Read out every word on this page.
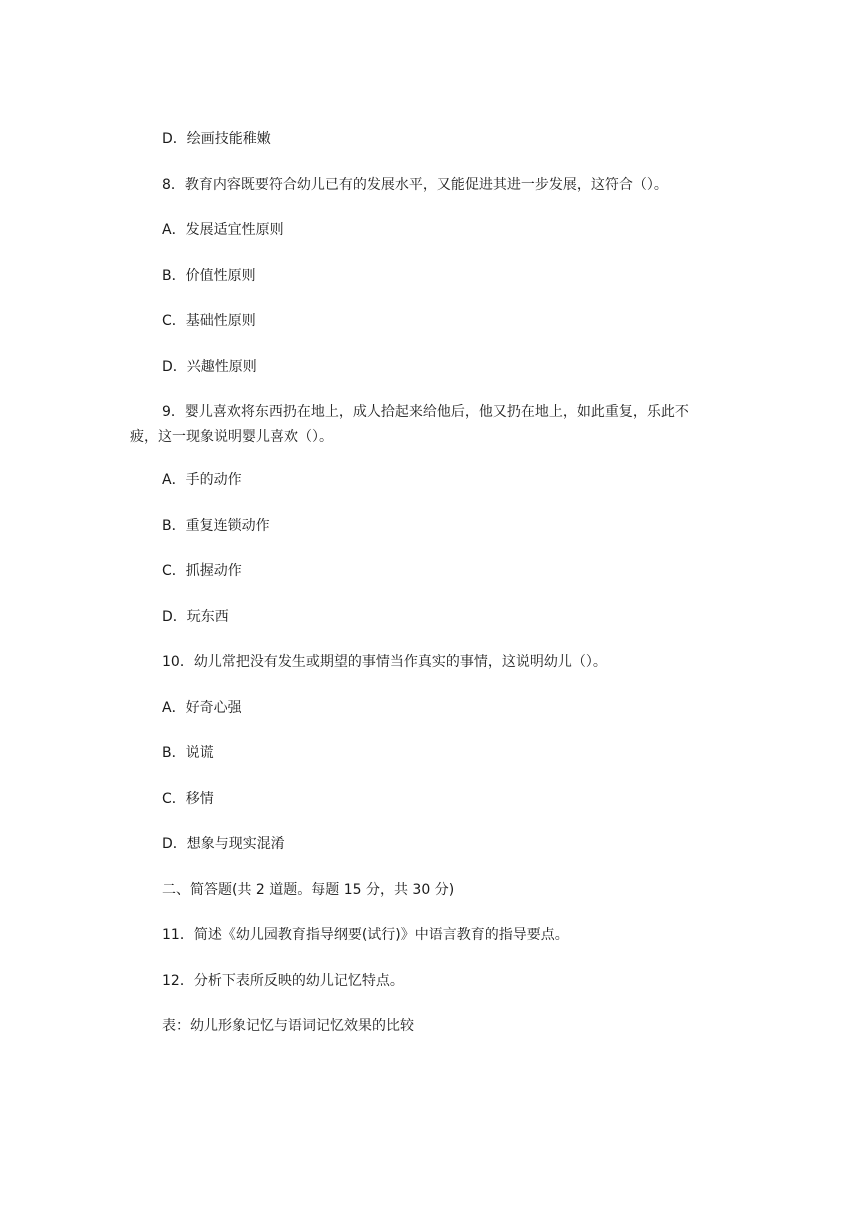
D．绘画技能稚嫩

8．教育内容既要符合幼儿已有的发展水平，又能促进其进一步发展，这符合（）。

A．发展适宜性原则

B．价值性原则

C．基础性原则

D．兴趣性原则

9．婴儿喜欢将东西扔在地上，成人拾起来给他后，他又扔在地上，如此重复，乐此不

疲，这一现象说明婴儿喜欢（）。

A．手的动作

B．重复连锁动作

C．抓握动作

D．玩东西

10．幼儿常把没有发生或期望的事情当作真实的事情，这说明幼儿（）。

A．好奇心强

B．说谎

C．移情

D．想象与现实混淆

二、简答题(共 2 道题。每题 15 分，共 30 分)

11．简述《幼儿园教育指导纲要(试行)》中语言教育的指导要点。

12．分析下表所反映的幼儿记忆特点。

表：幼儿形象记忆与语词记忆效果的比较
